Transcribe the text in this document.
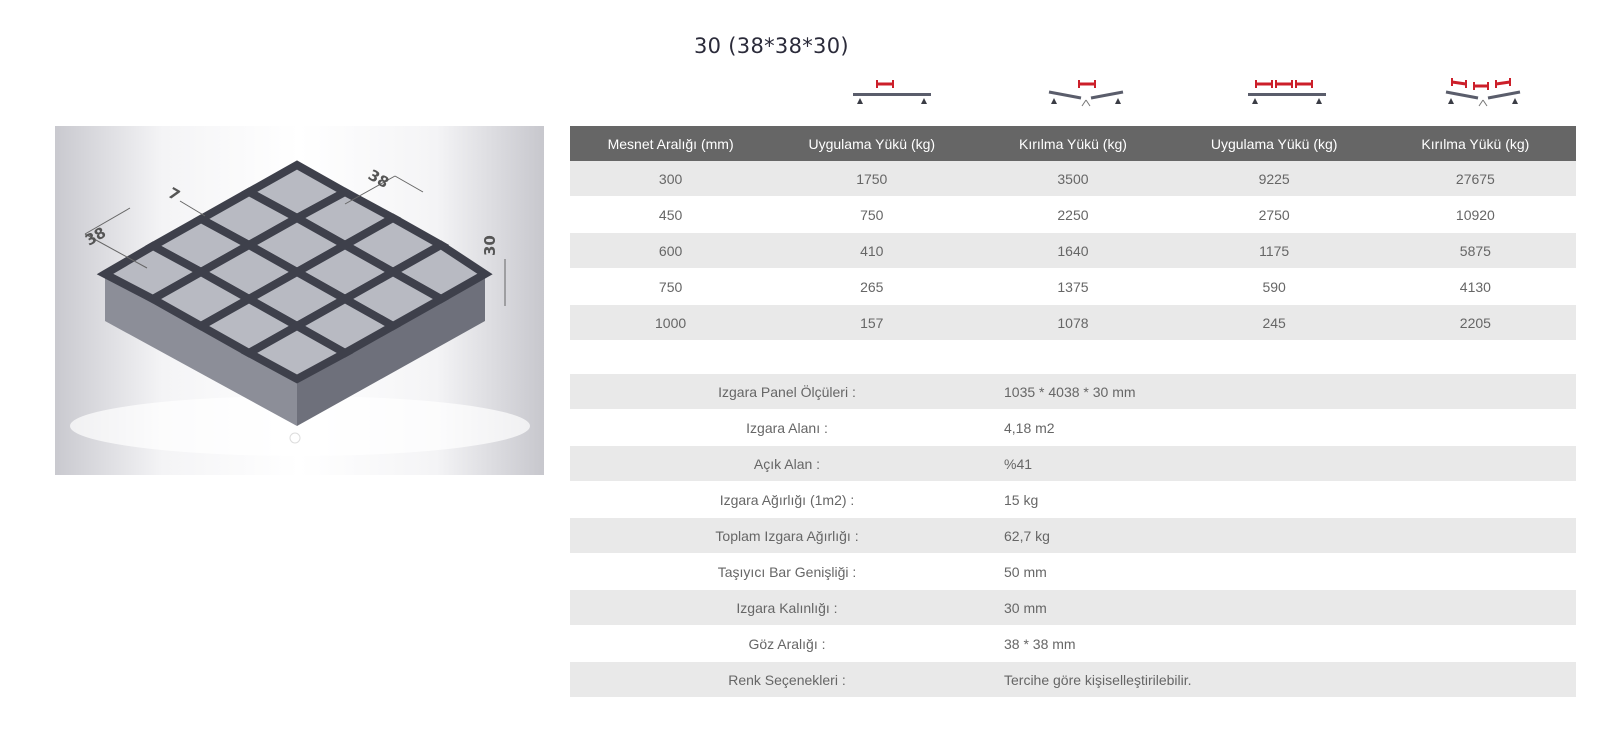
30 (38*38*30)
38
7
38
30
Mesnet Aralığı (mm)	Uygulama Yükü (kg)	Kırılma Yükü (kg)	Uygulama Yükü (kg)	Kırılma Yükü (kg)
300	1750	3500	9225	27675
450	750	2250	2750	10920
600	410	1640	1175	5875
750	265	1375	590	4130
1000	157	1078	245	2205
Izgara Panel Ölçüleri :	1035 * 4038 * 30 mm
Izgara Alanı :	4,18 m2
Açık Alan :	%41
Izgara Ağırlığı (1m2) :	15 kg
Toplam Izgara Ağırlığı :	62,7 kg
Taşıyıcı Bar Genişliği :	50 mm
Izgara Kalınlığı :	30 mm
Göz Aralığı :	38 * 38 mm
Renk Seçenekleri :	Tercihe göre kişiselleştirilebilir.
